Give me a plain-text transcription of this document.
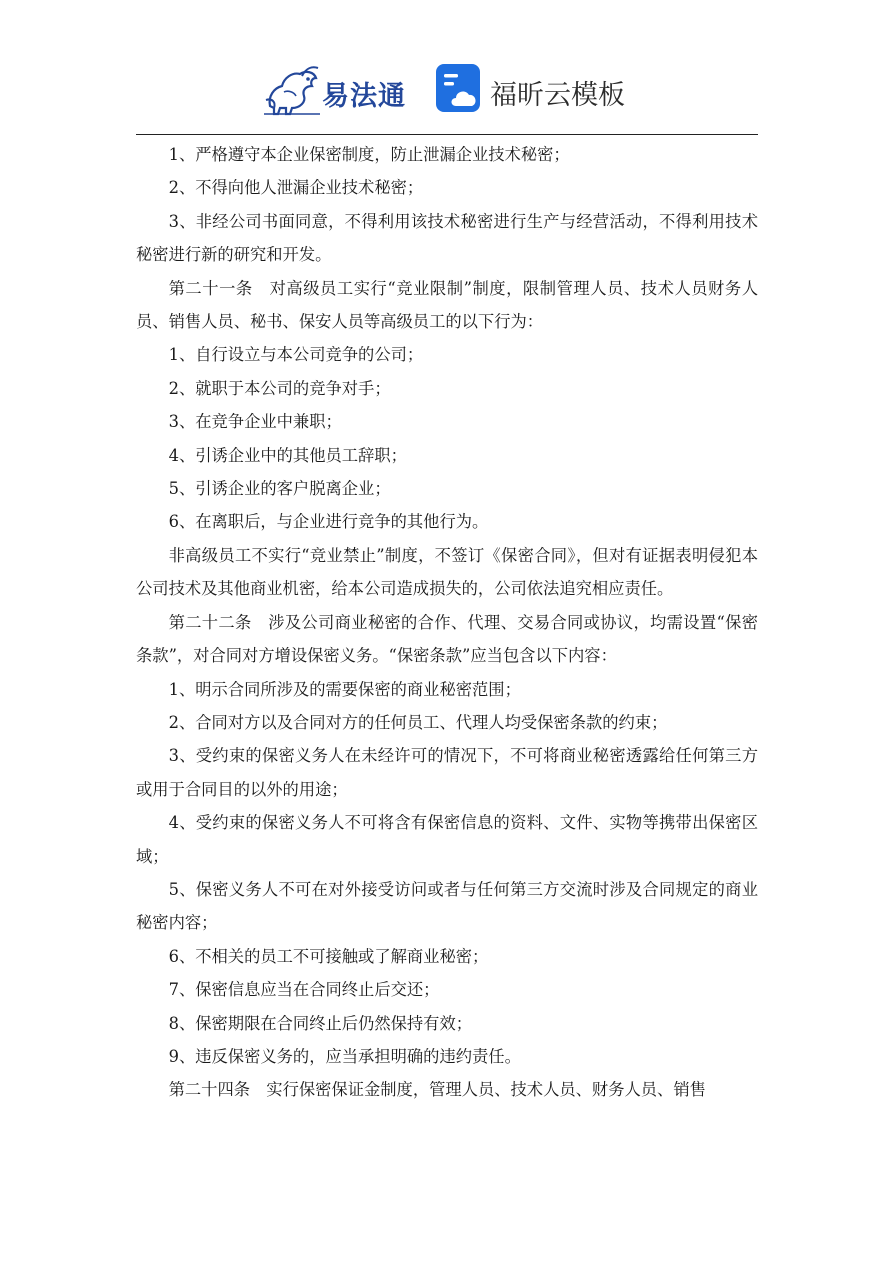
易法通	福昕云模板

1、严格遵守本企业保密制度，防止泄漏企业技术秘密；

2、不得向他人泄漏企业技术秘密；

3、非经公司书面同意，不得利用该技术秘密进行生产与经营活动，不得利用技术秘密进行新的研究和开发。

第二十一条　对高级员工实行“竞业限制”制度，限制管理人员、技术人员财务人员、销售人员、秘书、保安人员等高级员工的以下行为：

1、自行设立与本公司竞争的公司；

2、就职于本公司的竞争对手；

3、在竞争企业中兼职；

4、引诱企业中的其他员工辞职；

5、引诱企业的客户脱离企业；

6、在离职后，与企业进行竞争的其他行为。

非高级员工不实行“竞业禁止”制度，不签订《保密合同》，但对有证据表明侵犯本公司技术及其他商业机密，给本公司造成损失的，公司依法追究相应责任。

第二十二条　涉及公司商业秘密的合作、代理、交易合同或协议，均需设置“保密条款”，对合同对方增设保密义务。“保密条款”应当包含以下内容：

1、明示合同所涉及的需要保密的商业秘密范围；

2、合同对方以及合同对方的任何员工、代理人均受保密条款的约束；

3、受约束的保密义务人在未经许可的情况下，不可将商业秘密透露给任何第三方或用于合同目的以外的用途；

4、受约束的保密义务人不可将含有保密信息的资料、文件、实物等携带出保密区域；

5、保密义务人不可在对外接受访问或者与任何第三方交流时涉及合同规定的商业秘密内容；

6、不相关的员工不可接触或了解商业秘密；

7、保密信息应当在合同终止后交还；

8、保密期限在合同终止后仍然保持有效；

9、违反保密义务的，应当承担明确的违约责任。

第二十四条　实行保密保证金制度，管理人员、技术人员、财务人员、销售
